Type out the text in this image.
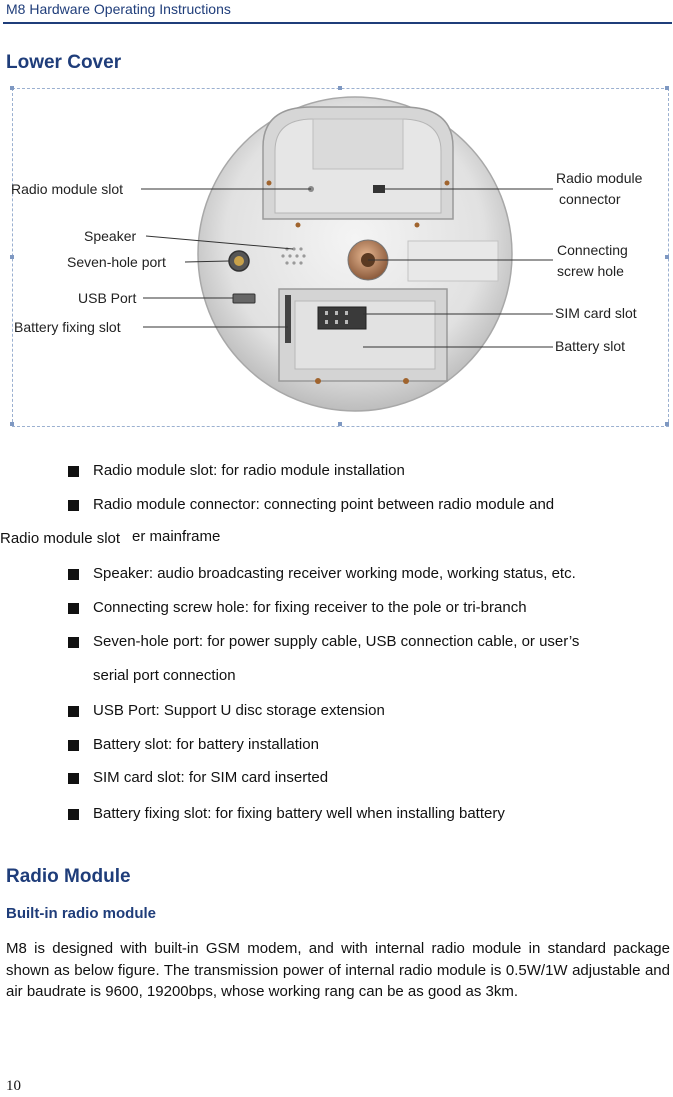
M8 Hardware Operating Instructions
Lower Cover
Radio module slot
Speaker
Seven-hole port
USB Port
Battery fixing slot
Radio module
connector
Connecting
screw hole
SIM card slot
Battery slot
Radio module slot: for radio module installation
Radio module connector: connecting point between radio module and
Radio module slot er mainframe
Speaker: audio broadcasting receiver working mode, working status, etc.
Connecting screw hole: for fixing receiver to the pole or tri-branch
Seven-hole port: for power supply cable, USB connection cable, or user’s
serial port connection
USB Port: Support U disc storage extension
Battery slot: for battery installation
SIM card slot: for SIM card inserted
Battery fixing slot: for fixing battery well when installing battery
Radio Module
Built-in radio module
M8 is designed with built-in GSM modem, and with internal radio module in standard package shown as below figure. The transmission power of internal radio module is 0.5W/1W adjustable and air baudrate is 9600, 19200bps, whose working rang can be as good as 3km.
10
